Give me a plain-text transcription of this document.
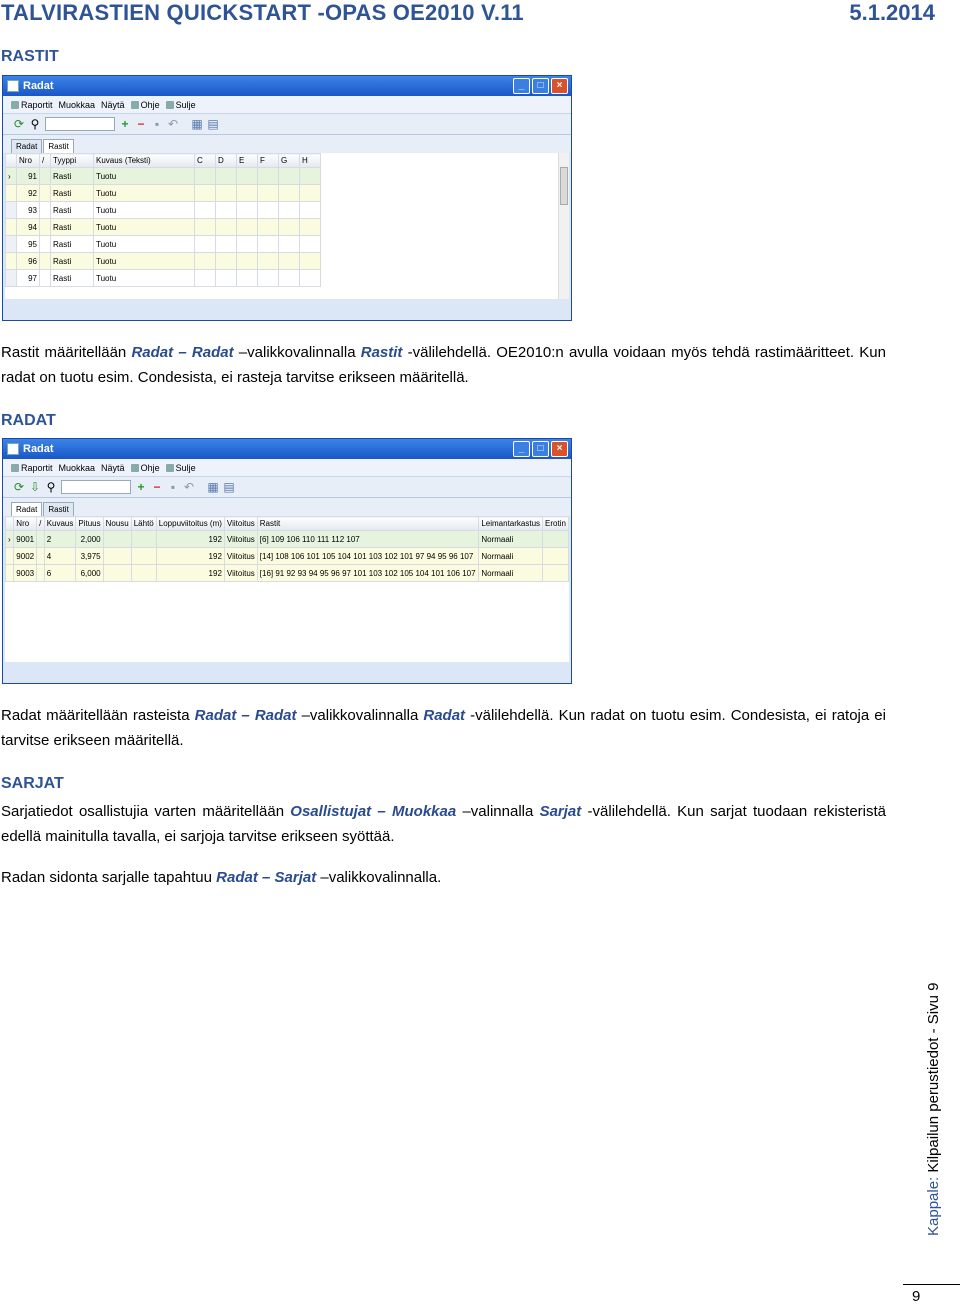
TALVIRASTIEN QUICKSTART -OPAS OE2010 V.11	5.1.2014
RASTIT
Radat	_	□	×
Raportit Muokkaa Näytä Ohje Sulje
⟳ ⚲	+ − ▪ ↶ ▦ ▤
Radat	Rastit
	Nro	/	Tyyppi	Kuvaus (Teksti)	C	D	E	F	G	H
›	91		Rasti	Tuotu						
	92		Rasti	Tuotu						
	93		Rasti	Tuotu						
	94		Rasti	Tuotu						
	95		Rasti	Tuotu						
	96		Rasti	Tuotu						
	97		Rasti	Tuotu						
Rastit määritellään Radat – Radat –valikkovalinnalla Rastit -välilehdellä. OE2010:n avulla voidaan myös tehdä rastimääritteet. Kun radat on tuotu esim. Condesista, ei rasteja tarvitse erikseen määritellä.
RADAT
Radat	_	□	×
Raportit Muokkaa Näytä Ohje Sulje
⟳ ⇩ ⚲	+ − ▪ ↶ ▦ ▤
Radat	Rastit
	Nro	/	Kuvaus	Pituus	Nousu	Lähtö	Loppuviitoitus (m)	Viitoitus	Rastit	Leimantarkastus	Erotin
›	9001		2	2,000			192	Viitoitus	[6] 109 106 110 111 112 107	Normaali	
	9002		4	3,975			192	Viitoitus	[14] 108 106 101 105 104 101 103 102 101 97 94 95 96 107	Normaali	
	9003		6	6,000			192	Viitoitus	[16] 91 92 93 94 95 96 97 101 103 102 105 104 101 106 107	Normaali	
Radat määritellään rasteista Radat – Radat –valikkovalinnalla Radat -välilehdellä. Kun radat on tuotu esim. Condesista, ei ratoja ei tarvitse erikseen määritellä.
SARJAT
Sarjatiedot osallistujia varten määritellään Osallistujat – Muokkaa –valinnalla Sarjat -välilehdellä. Kun sarjat tuodaan rekisteristä edellä mainitulla tavalla, ei sarjoja tarvitse erikseen syöttää.
Radan sidonta sarjalle tapahtuu Radat – Sarjat –valikkovalinnalla.
Kappale: Kilpailun perustiedot - Sivu 9
9
